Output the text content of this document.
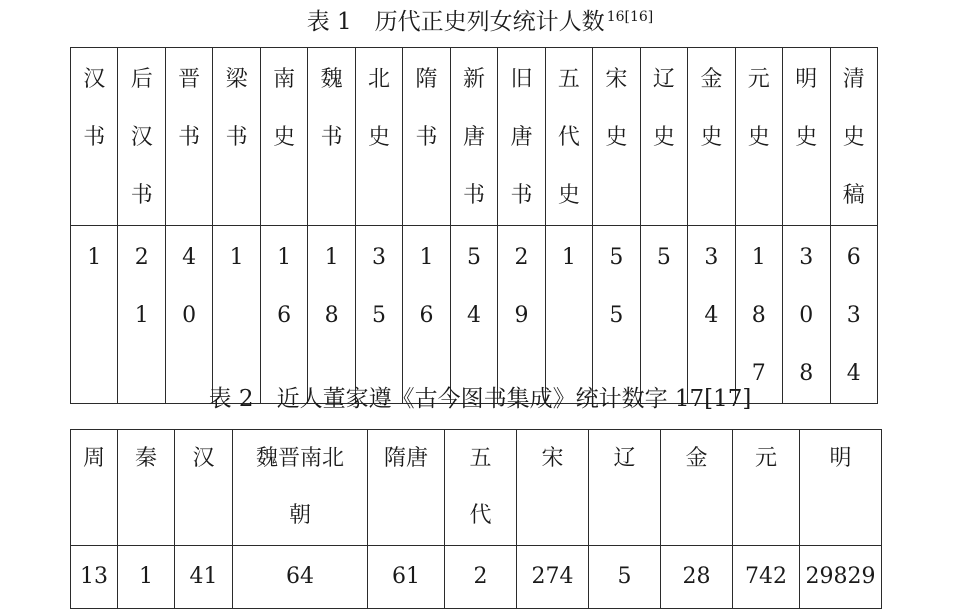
表 1　历代正史列女统计人数 $^{16[16]}$
汉书	后汉书	晋书	梁书	南史	魏书	北史	隋书	新唐书	旧唐书	五代史	宋史	辽史	金史	元史	明史	清史稿

1	21	40	1	16	18	35	16	54	29	1	55	5	34	187	308	634
表 2　近人董家遵《古今图书集成》统计数字 17[17]
周	秦	汉	魏晋南北朝	隋唐	五代	宋	辽	金	元	明

13	1	41	64	61	2	274	5	28	742	29829
